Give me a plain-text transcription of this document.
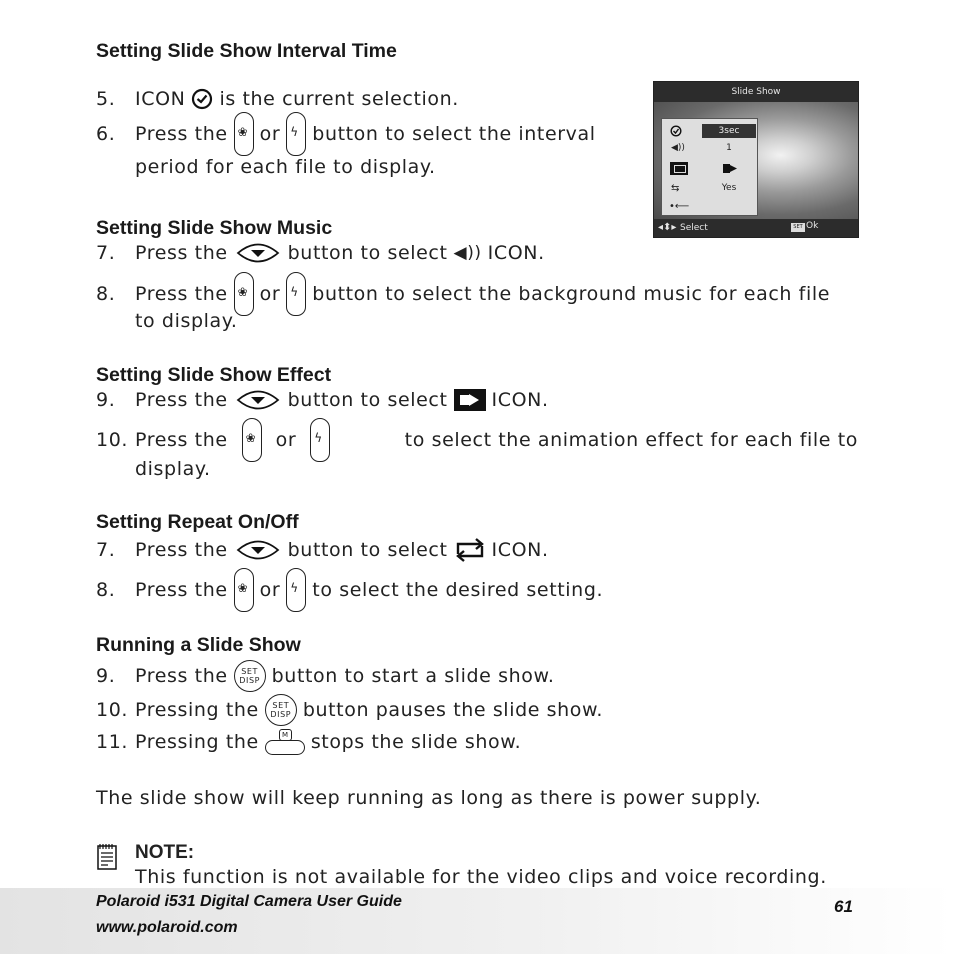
Setting Slide Show Interval Time
5.	ICON is the current selection.
6.	Press the ❀ or ϟ button to select the interval
period for each file to display.
Slide Show
3sec
◀))	1
⇆	Yes
•⟵
◂⬍▸ Select	SET Ok
Setting Slide Show Music
7.	Press the	button to select ◀)) ICON.
8.	Press the ❀ or ϟ button to select the background music for each file
to display.
Setting Slide Show Effect
9.	Press the	button to select ICON.
10. Press the ❀ or ϟ	to select the animation effect for each file to
display.
Setting Repeat On/Off
7.	Press the	button to select ICON.
8.	Press the ❀ or ϟ to select the desired setting.
Running a Slide Show
9.	Press the	SET
DISP button to start a slide show.
10. Pressing the	SET
DISP button pauses the slide show.
11. Pressing the	M stops the slide show.
The slide show will keep running as long as there is power supply.
NOTE:
This function is not available for the video clips and voice recording.
Polaroid i531 Digital Camera User Guide
www.polaroid.com
61
